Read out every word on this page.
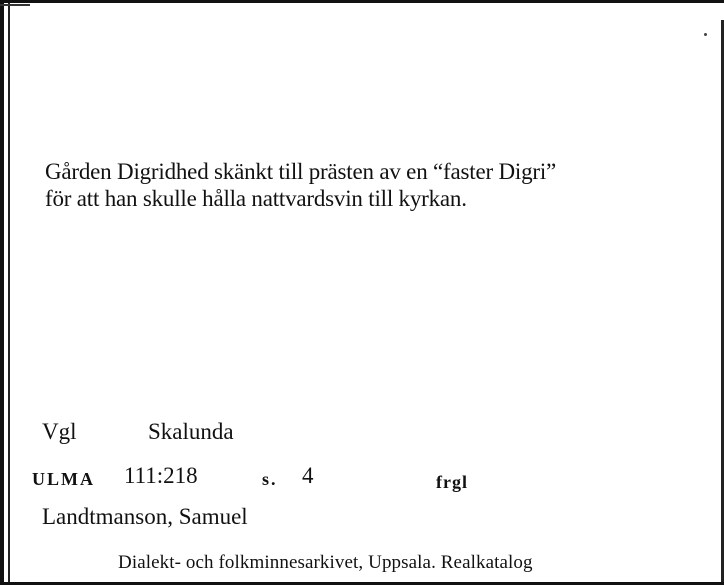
Gården Digridhed skänkt till prästen av en “faster Digri”
för att han skulle hålla nattvardsvin till kyrkan.
Vgl	Skalunda
ULMA 111:218	s. 4	frgl
Landtmanson, Samuel
Dialekt- och folkminnesarkivet, Uppsala. Realkatalog
